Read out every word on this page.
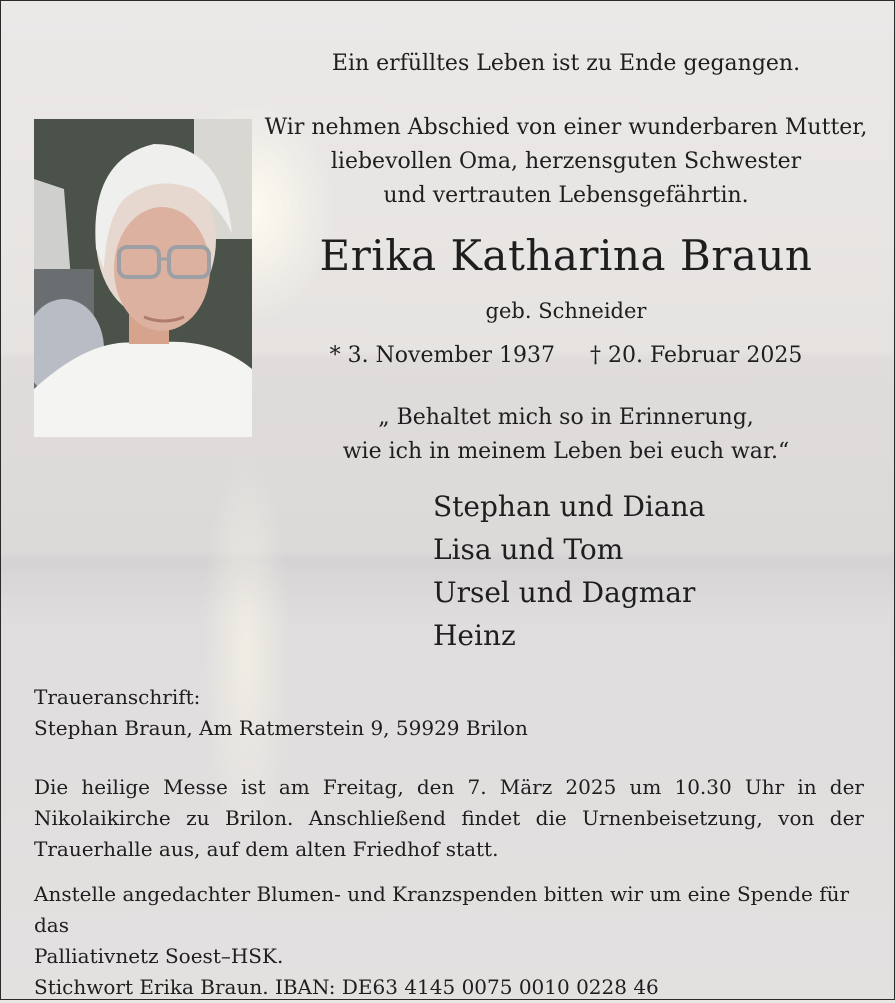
Ein erfülltes Leben ist zu Ende gegangen.
Wir nehmen Abschied von einer wunderbaren Mutter,
liebevollen Oma, herzensguten Schwester
und vertrauten Lebensgefährtin.
Erika Katharina Braun
geb. Schneider
* 3. November 1937 † 20. Februar 2025
„ Behaltet mich so in Erinnerung,
wie ich in meinem Leben bei euch war.“
Stephan und Diana
Lisa und Tom
Ursel und Dagmar
Heinz
Traueranschrift:
Stephan Braun, Am Ratmerstein 9, 59929 Brilon
Die heilige Messe ist am Freitag, den 7. März 2025 um 10.30 Uhr in der Nikolaikirche zu Brilon. Anschließend findet die Urnenbeisetzung, von der Trauerhalle aus, auf dem alten Friedhof statt.
Anstelle angedachter Blumen- und Kranzspenden bitten wir um eine Spende für das
Palliativnetz Soest–HSK.
Stichwort Erika Braun. IBAN: DE63 4145 0075 0010 0228 46
